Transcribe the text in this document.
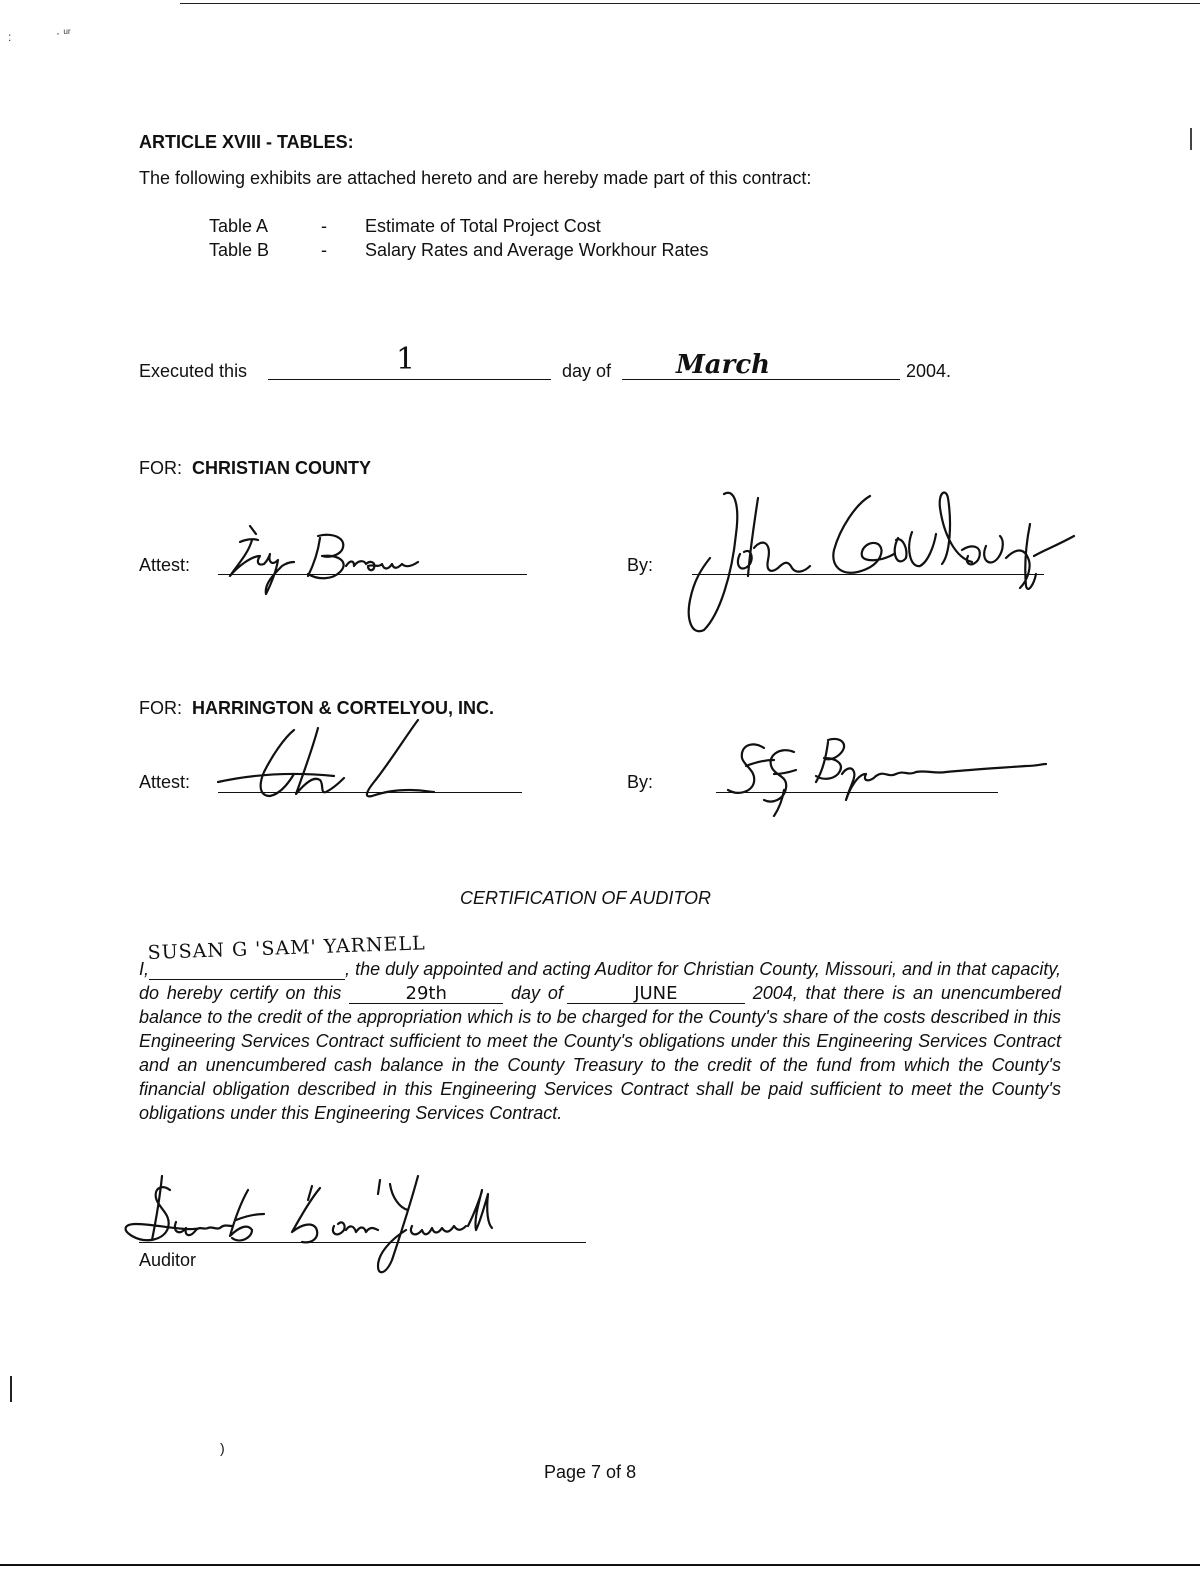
:	· ᵘʳ
ARTICLE XVIII - TABLES:
The following exhibits are attached hereto and are hereby made part of this contract:
Table A	- Estimate of Total Project Cost
Table B	- Salary Rates and Average Workhour Rates
Executed this	1	day of March	2004.
FOR: CHRISTIAN COUNTY
Attest:	By:
FOR: HARRINGTON & CORTELYOU, INC.
Attest:	By:
CERTIFICATION OF AUDITOR
SUSAN G 'SAM' YARNELL
I,	, the duly appointed and acting Auditor for Christian County, Missouri, and in that capacity, do hereby certify on this	29th	day of	JUNE	2004, that there is an unencumbered balance to the credit of the appropriation which is to be charged for the County's share of the costs described in this Engineering Services Contract sufficient to meet the County's obligations under this Engineering Services Contract and an unencumbered cash balance in the County Treasury to the credit of the fund from which the County's financial obligation described in this Engineering Services Contract shall be paid sufficient to meet the County's obligations under this Engineering Services Contract.
Auditor
)
Page 7 of 8
